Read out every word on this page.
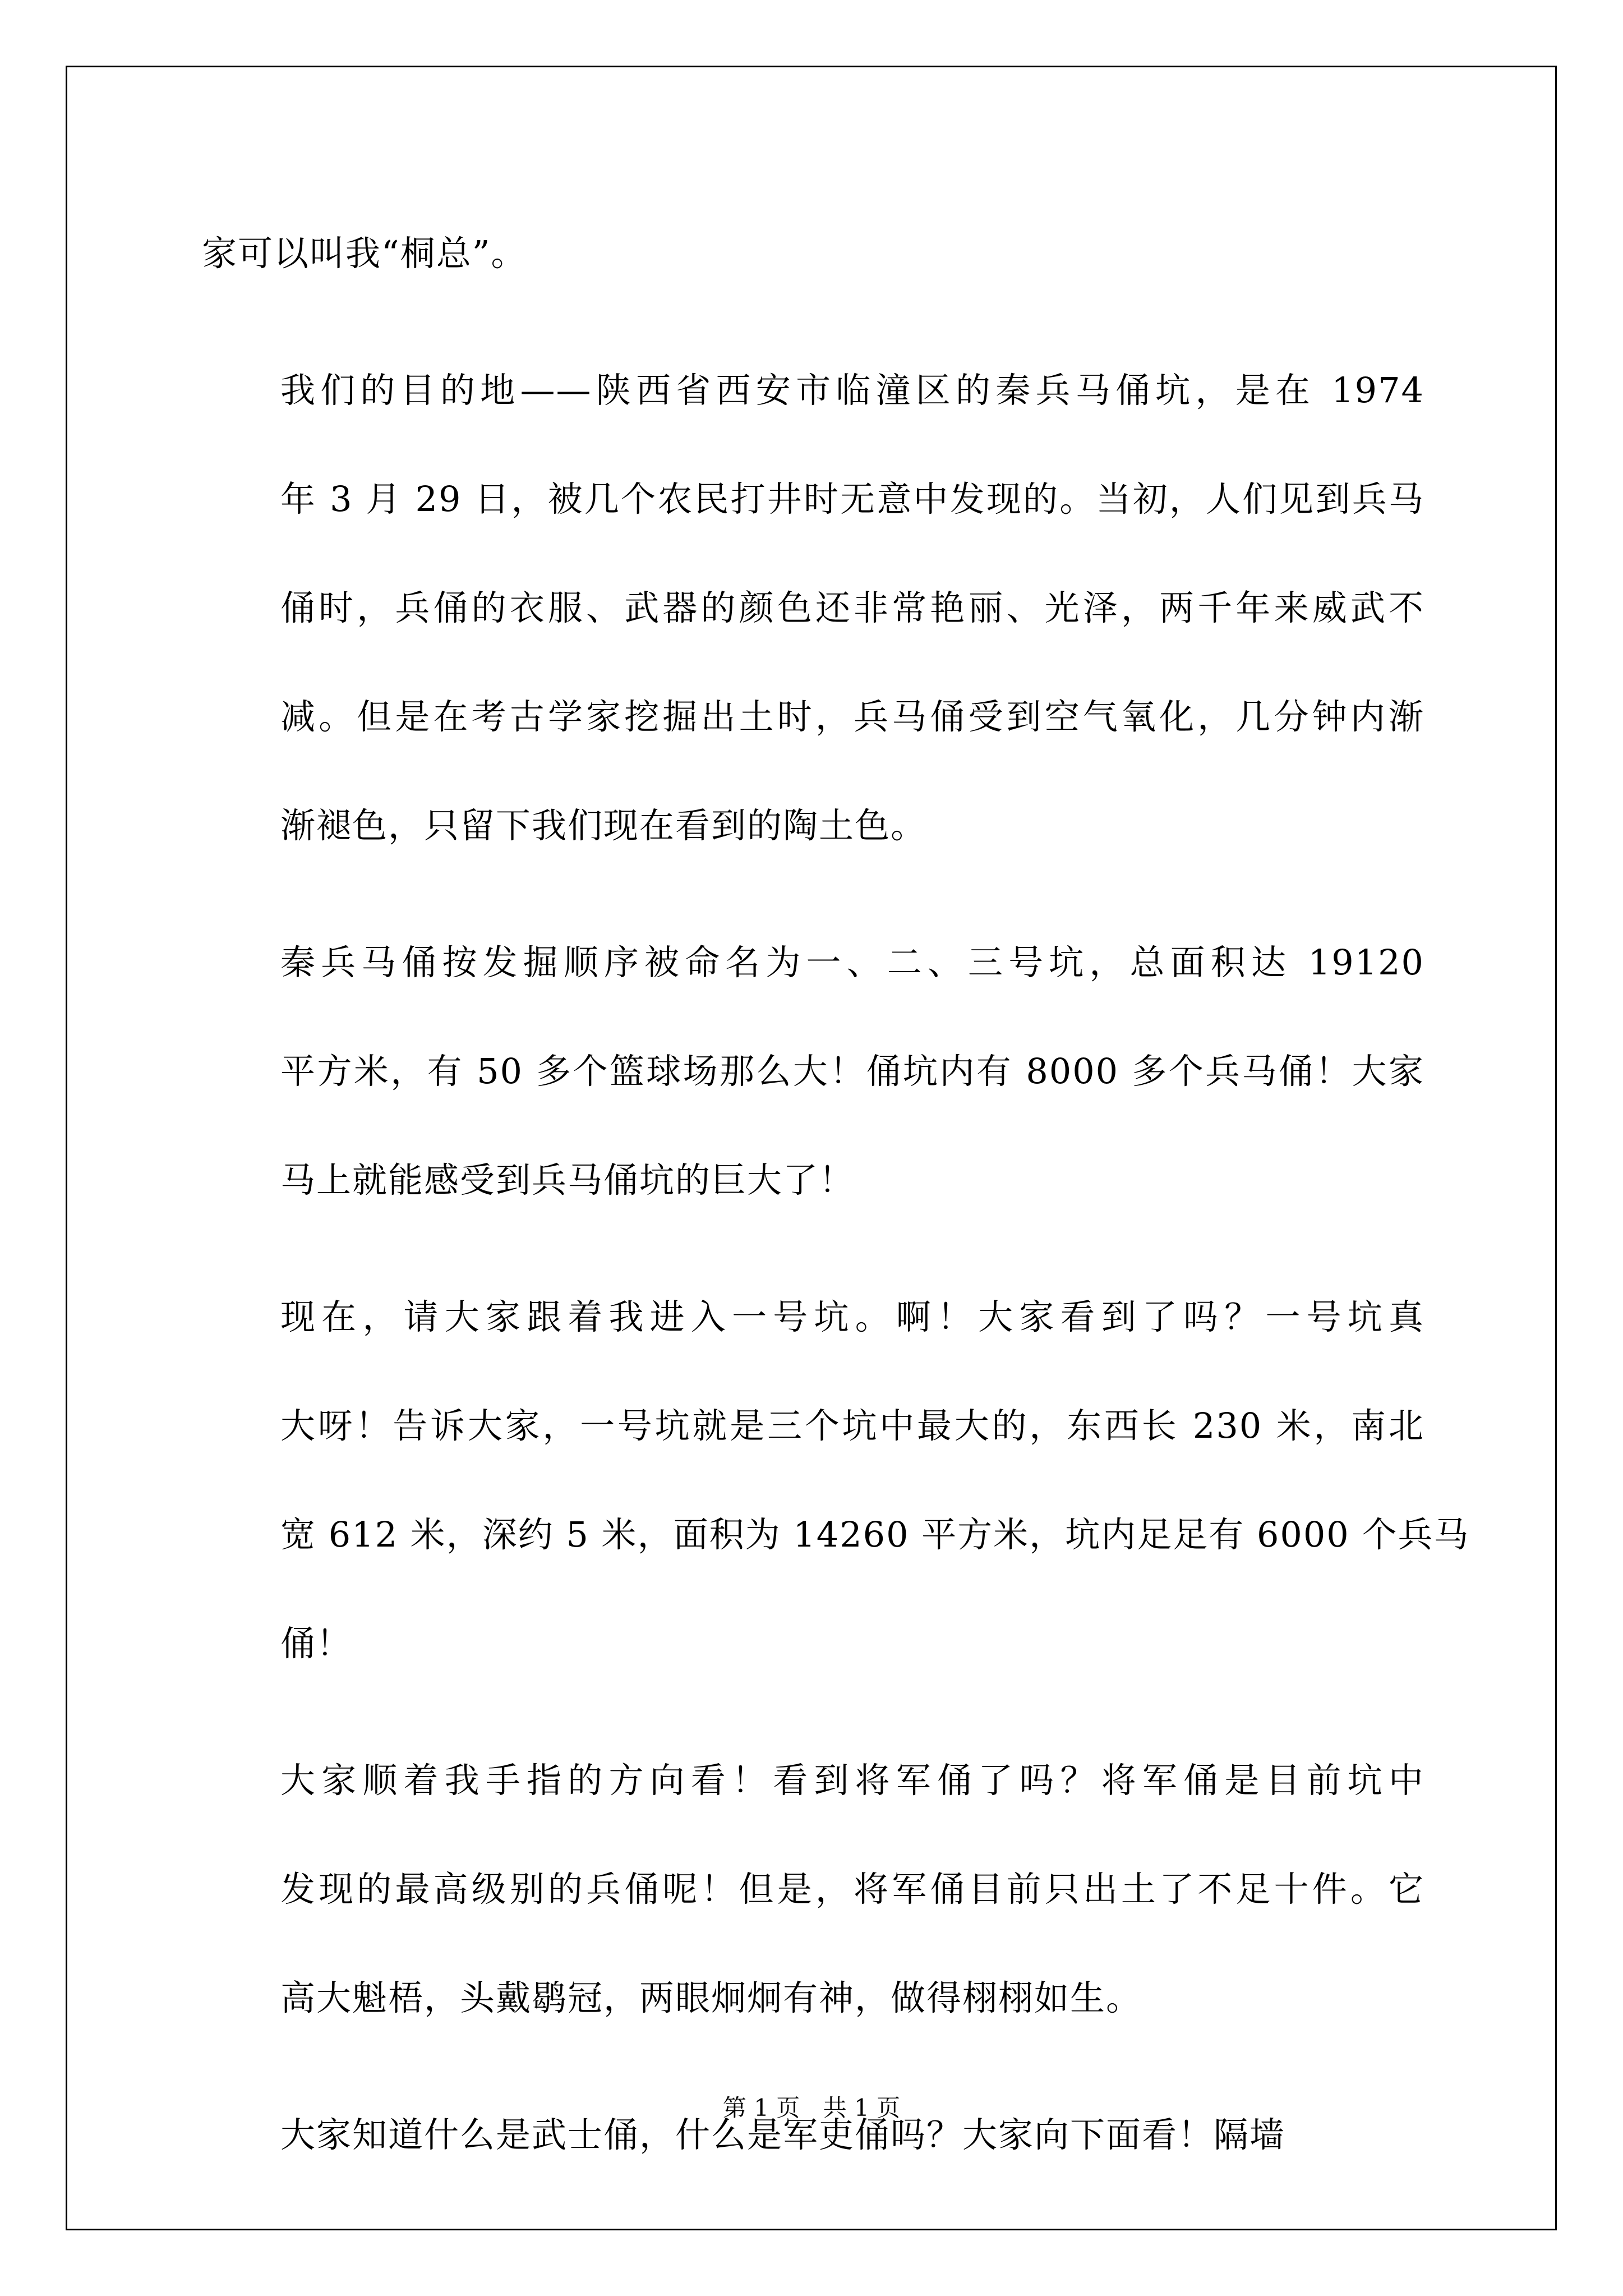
家可以叫我“桐总”。

我们的目的地——陕西省西安市临潼区的秦兵马俑坑，是在 1974
年 3 月 29 日，被几个农民打井时无意中发现的。当初，人们见到兵马
俑时，兵俑的衣服、武器的颜色还非常艳丽、光泽，两千年来威武不
减。但是在考古学家挖掘出土时，兵马俑受到空气氧化，几分钟内渐
渐褪色，只留下我们现在看到的陶土色。

秦兵马俑按发掘顺序被命名为一、二、三号坑，总面积达 19120
平方米，有 50 多个篮球场那么大！俑坑内有 8000 多个兵马俑！大家
马上就能感受到兵马俑坑的巨大了！

现在，请大家跟着我进入一号坑。啊！大家看到了吗？一号坑真
大呀！告诉大家，一号坑就是三个坑中最大的，东西长 230 米，南北
宽 612 米，深约 5 米，面积为 14260 平方米，坑内足足有 6000 个兵马
俑！

大家顺着我手指的方向看！看到将军俑了吗？将军俑是目前坑中
发现的最高级别的兵俑呢！但是，将军俑目前只出土了不足十件。它
高大魁梧，头戴鹖冠，两眼炯炯有神，做得栩栩如生。

大家知道什么是武士俑，什么是军吏俑吗？大家向下面看！隔墙

第 1 页 共 1 页
